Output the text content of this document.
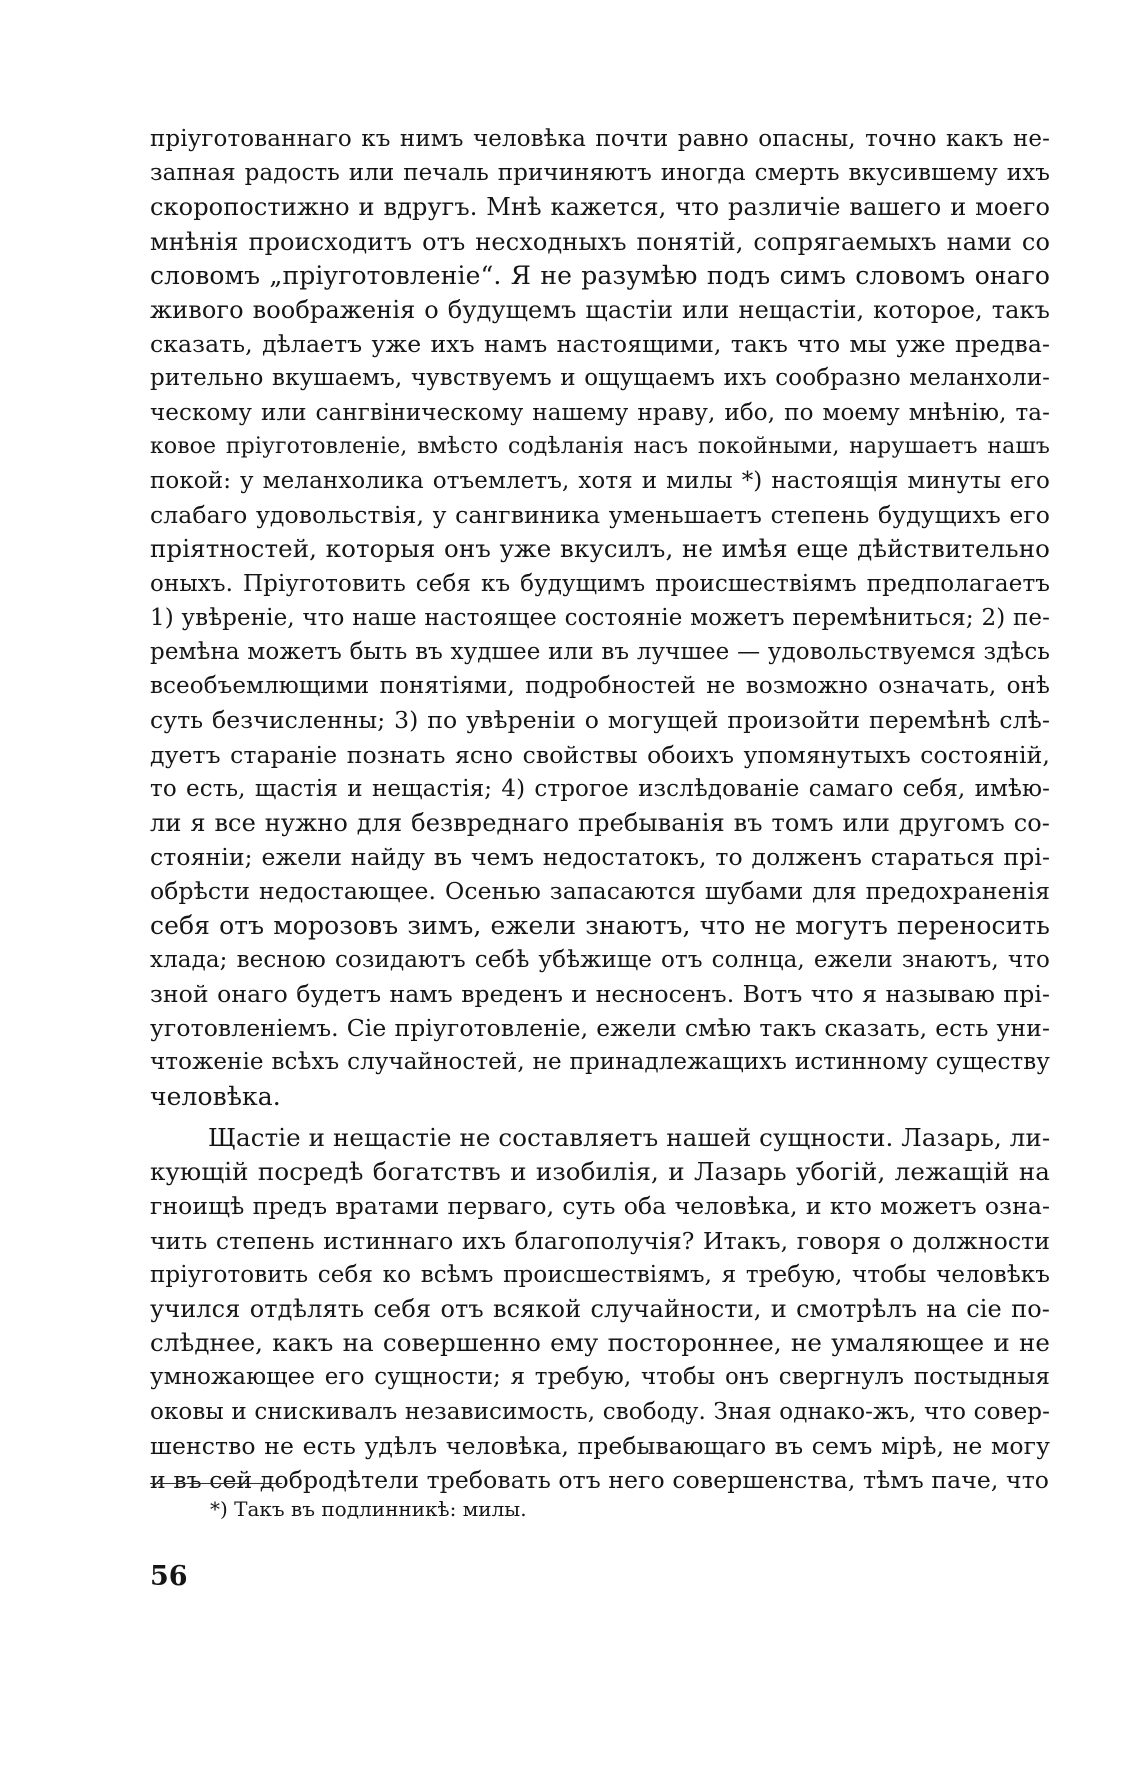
пріуготованнаго къ нимъ человѣка почти равно опасны, точно какъ не-
запная радость или печаль причиняютъ иногда смерть вкусившему ихъ
скоропостижно и вдругъ. Мнѣ кажется, что различіе вашего и моего
мнѣнія происходитъ отъ несходныхъ понятій, сопрягаемыхъ нами со
словомъ „пріуготовленіе“. Я не разумѣю подъ симъ словомъ онаго
живого воображенія о будущемъ щастіи или нещастіи, которое, такъ
сказать, дѣлаетъ уже ихъ намъ настоящими, такъ что мы уже предва-
рительно вкушаемъ, чувствуемъ и ощущаемъ ихъ сообразно меланхоли-
ческому или сангвіническому нашему нраву, ибо, по моему мнѣнію, та-
ковое пріуготовленіе, вмѣсто содѣланія насъ покойными, нарушаетъ нашъ
покой: у меланхолика отъемлетъ, хотя и милы *) настоящія минуты его
слабаго удовольствія, у сангвиника уменьшаетъ степень будущихъ его
пріятностей, которыя онъ уже вкусилъ, не имѣя еще дѣйствительно
оныхъ. Пріуготовить себя къ будущимъ происшествіямъ предполагаетъ
1) увѣреніе, что наше настоящее состояніе можетъ перемѣниться; 2) пе-
ремѣна можетъ быть въ худшее или въ лучшее — удовольствуемся здѣсь
всеобъемлющими понятіями, подробностей не возможно означать, онѣ
суть безчисленны; 3) по увѣреніи о могущей произойти перемѣнѣ слѣ-
дуетъ стараніе познать ясно свойствы обоихъ упомянутыхъ состояній,
то есть, щастія и нещастія; 4) строгое изслѣдованіе самаго себя, имѣю-
ли я все нужно для безвреднаго пребыванія въ томъ или другомъ со-
стояніи; ежели найду въ чемъ недостатокъ, то долженъ стараться прі-
обрѣсти недостающее. Осенью запасаются шубами для предохраненія
себя отъ морозовъ зимъ, ежели знаютъ, что не могутъ переносить
хлада; весною созидаютъ себѣ убѣжище отъ солнца, ежели знаютъ, что
зной онаго будетъ намъ вреденъ и несносенъ. Вотъ что я называю прі-
уготовленіемъ. Сіе пріуготовленіе, ежели смѣю такъ сказать, есть уни-
чтоженіе всѣхъ случайностей, не принадлежащихъ истинному существу
человѣка.
Щастіе и нещастіе не составляетъ нашей сущности. Лазарь, ли-
кующій посредѣ богатствъ и изобилія, и Лазарь убогій, лежащій на
гноищѣ предъ вратами перваго, суть оба человѣка, и кто можетъ озна-
чить степень истиннаго ихъ благополучія? Итакъ, говоря о должности
пріуготовить себя ко всѣмъ происшествіямъ, я требую, чтобы человѣкъ
учился отдѣлять себя отъ всякой случайности, и смотрѣлъ на сіе по-
слѣднее, какъ на совершенно ему постороннее, не умаляющее и не
умножающее его сущности; я требую, чтобы онъ свергнулъ постыдныя
оковы и снискивалъ независимость, свободу. Зная однако-жъ, что совер-
шенство не есть удѣлъ человѣка, пребывающаго въ семъ мірѣ, не могу
и въ сей добродѣтели требовать отъ него совершенства, тѣмъ паче, что
*) Такъ въ подлинникѣ: милы.
56
